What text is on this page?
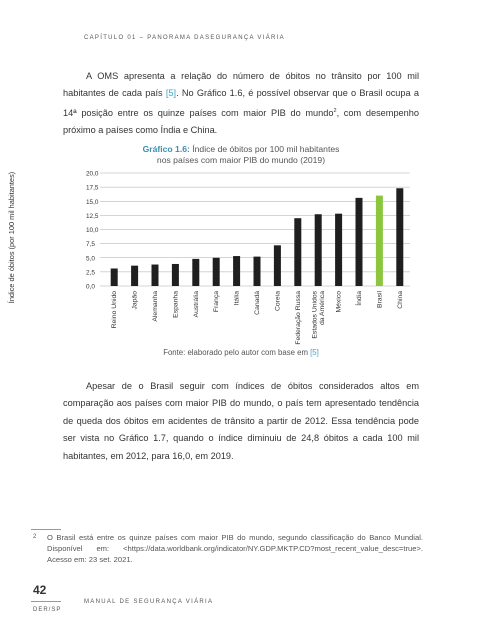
CAPÍTULO 01 – PANORAMA DASEGURANÇA VIÁRIA

A OMS apresenta a relação do número de óbitos no trânsito por 100 mil habitantes de cada país [5]. No Gráfico 1.6, é possível observar que o Brasil ocupa a 14ª posição entre os quinze países com maior PIB do mundo$^2$, com desempenho próximo a países como Índia e China.

Gráfico 1.6: Índice de óbitos por 100 mil habitantes
nos países com maior PIB do mundo (2019)
Índice de óbitos (por 100 mil habitantes)	20,0
17,5
15,0
12,5
10,0
7,5
5,0
2,5
0,0
Reino Unido Japão Alemanha Espanha Austrália França Itália Canadá Coreia Federação Russa Estados Unidos da América México Índia Brasil China
Fonte: elaborado pelo autor com base em [5]

Apesar de o Brasil seguir com índices de óbitos considerados altos em comparação aos países com maior PIB do mundo, o país tem apresentado tendência de queda dos óbitos em acidentes de trânsito a partir de 2012. Essa tendência pode ser vista no Gráfico 1.7, quando o índice diminuiu de 24,8 óbitos a cada 100 mil habitantes, em 2012, para 16,0, em 2019.

2	O Brasil está entre os quinze países com maior PIB do mundo, segundo classificação do Banco Mundial. Disponível em: <https://data.worldbank.org/indicator/NY.GDP.MKTP.CD?most_recent_value_desc=true>. Acesso em: 23 set. 2021.
42
MANUAL DE SEGURANÇA VIÁRIA
DER/SP
